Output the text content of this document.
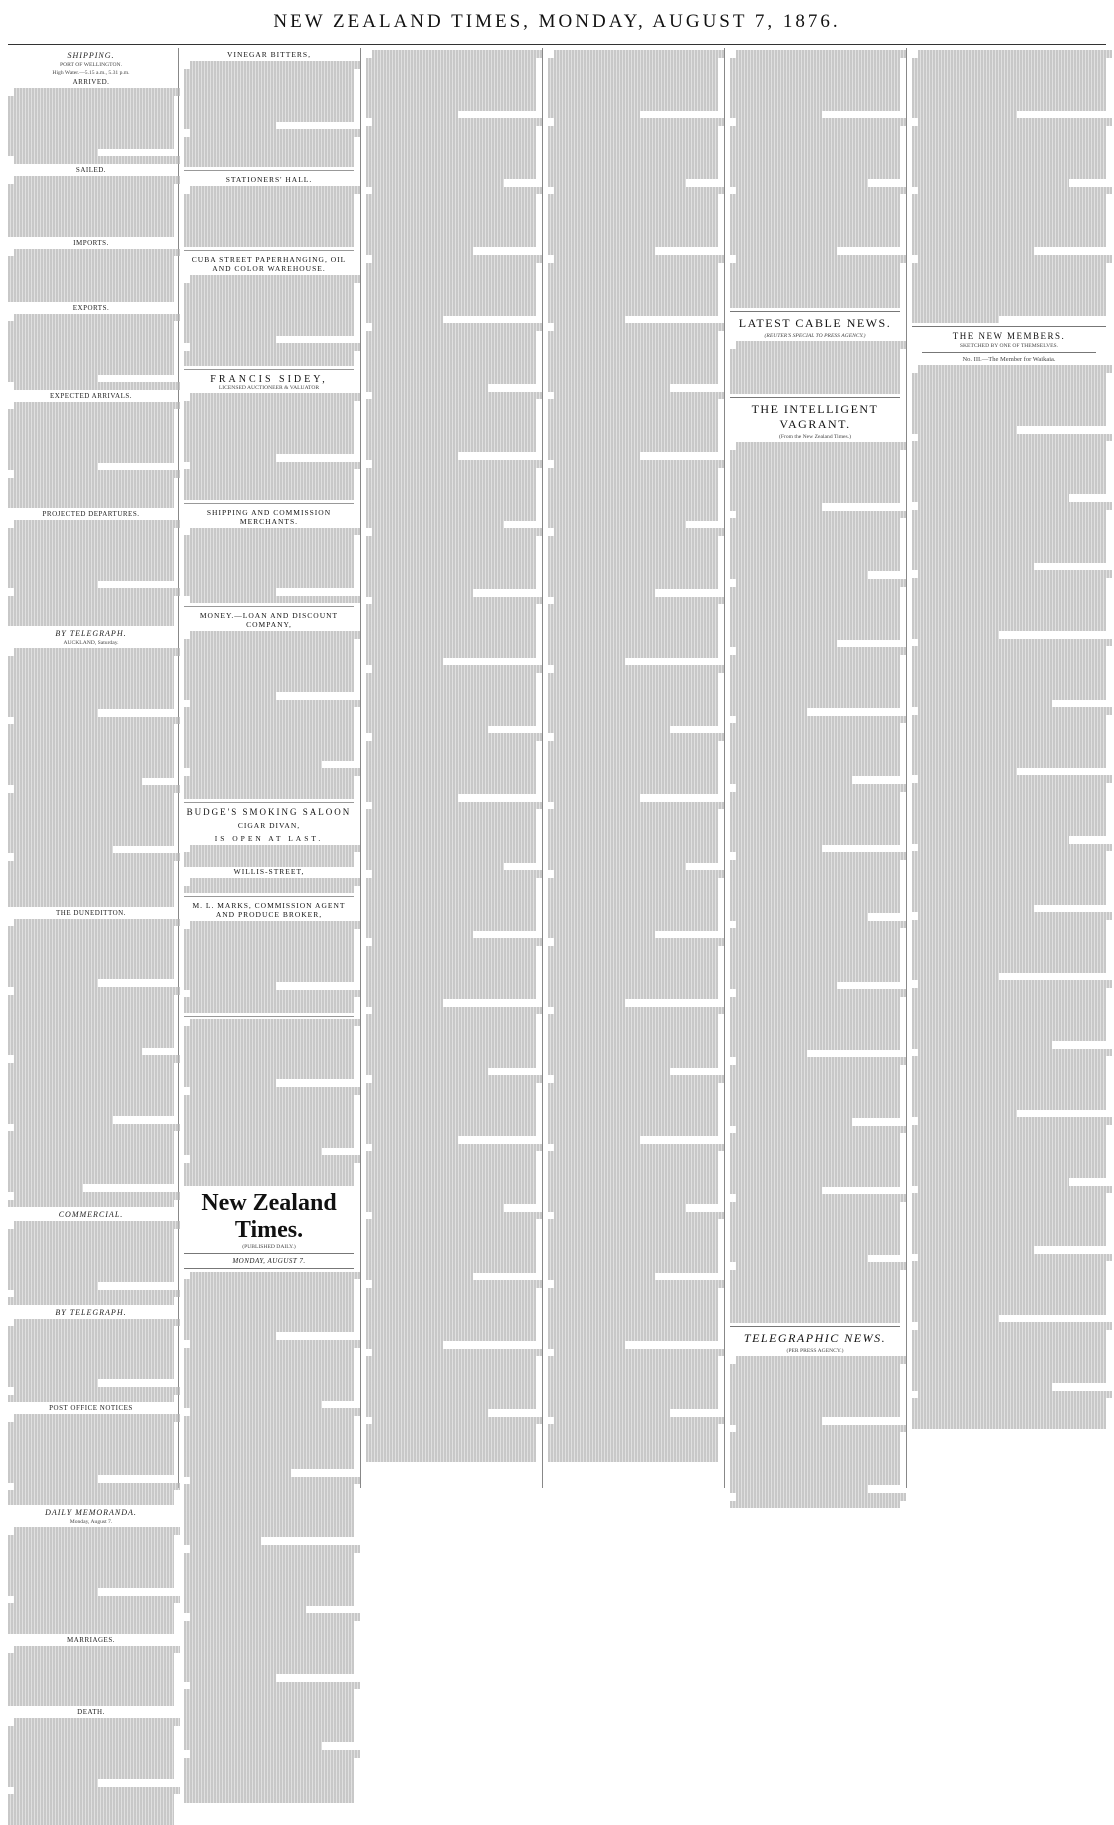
NEW ZEALAND TIMES, MONDAY, AUGUST 7, 1876.
SHIPPING.
PORT OF WELLINGTON.
High Water.—5.15 a.m., 5.31 p.m.
ARRIVED.
SAILED.
IMPORTS.
EXPORTS.
EXPECTED ARRIVALS.
PROJECTED DEPARTURES.
BY TELEGRAPH.
AUCKLAND, Saturday.
THE DUNEDITTON.
COMMERCIAL.
BY TELEGRAPH.
POST OFFICE NOTICES
DAILY MEMORANDA.
Monday, August 7.
MARRIAGES.
DEATH.
VINEGAR BITTERS,
STATIONERS' HALL.
CUBA STREET PAPERHANGING, OIL AND COLOR WAREHOUSE.
FRANCIS SIDEY,
LICENSED AUCTIONEER & VALUATOR
SHIPPING AND COMMISSION MERCHANTS.
MONEY.—LOAN AND DISCOUNT COMPANY,
BUDGE'S SMOKING SALOON
CIGAR DIVAN,
IS OPEN AT LAST.
WILLIS-STREET,
M. L. MARKS, COMMISSION AGENT AND PRODUCE BROKER,
New Zealand Times.
(PUBLISHED DAILY.)
MONDAY, AUGUST 7.
LATEST CABLE NEWS.
(REUTER'S SPECIAL TO PRESS AGENCY.)
THE INTELLIGENT VAGRANT.
(From the New Zealand Times.)
TELEGRAPHIC NEWS.
(PER PRESS AGENCY.)
THE NEW MEMBERS.
SKETCHED BY ONE OF THEMSELVES.
No. III.—The Member for Waikaia.
